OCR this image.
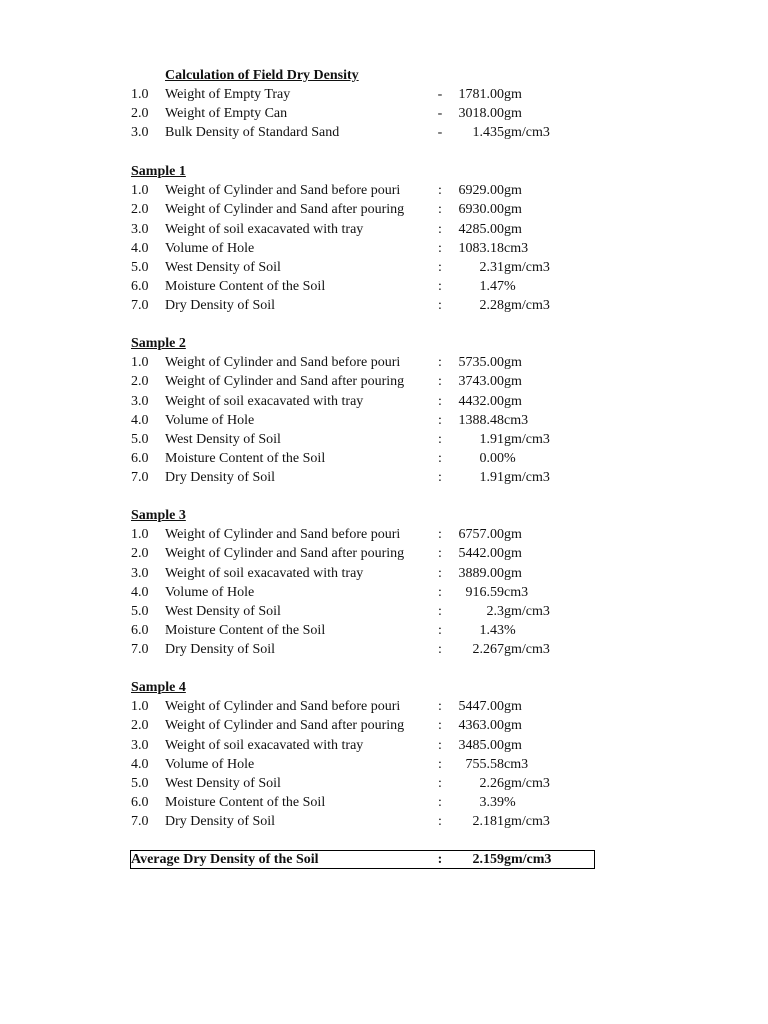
Calculation of Field Dry Density
1.0	Weight of Empty Tray	-	1781.00 gm
2.0	Weight of Empty Can	-	3018.00 gm
3.0	Bulk Density of Standard Sand	-	1.435 gm/cm3
Sample 1
1.0	Weight of Cylinder and Sand before pouri	:	6929.00 gm
2.0	Weight of Cylinder and Sand after pouring	:	6930.00 gm
3.0	Weight of soil exacavated with tray	:	4285.00 gm
4.0	Volume of Hole	:	1083.18 cm3
5.0	West Density of Soil	:	2.31 gm/cm3
6.0	Moisture Content of the Soil	:	1.47 %
7.0	Dry Density of Soil	:	2.28 gm/cm3
Sample 2
1.0	Weight of Cylinder and Sand before pouri	:	5735.00 gm
2.0	Weight of Cylinder and Sand after pouring	:	3743.00 gm
3.0	Weight of soil exacavated with tray	:	4432.00 gm
4.0	Volume of Hole	:	1388.48 cm3
5.0	West Density of Soil	:	1.91 gm/cm3
6.0	Moisture Content of the Soil	:	0.00 %
7.0	Dry Density of Soil	:	1.91 gm/cm3
Sample 3
1.0	Weight of Cylinder and Sand before pouri	:	6757.00 gm
2.0	Weight of Cylinder and Sand after pouring	:	5442.00 gm
3.0	Weight of soil exacavated with tray	:	3889.00 gm
4.0	Volume of Hole	:	916.59 cm3
5.0	West Density of Soil	:	2.3 gm/cm3
6.0	Moisture Content of the Soil	:	1.43 %
7.0	Dry Density of Soil	:	2.267 gm/cm3
Sample 4
1.0	Weight of Cylinder and Sand before pouri	:	5447.00 gm
2.0	Weight of Cylinder and Sand after pouring	:	4363.00 gm
3.0	Weight of soil exacavated with tray	:	3485.00 gm
4.0	Volume of Hole	:	755.58 cm3
5.0	West Density of Soil	:	2.26 gm/cm3
6.0	Moisture Content of the Soil	:	3.39 %
7.0	Dry Density of Soil	:	2.181 gm/cm3
Average Dry Density of the Soil	:	2.159 gm/cm3
